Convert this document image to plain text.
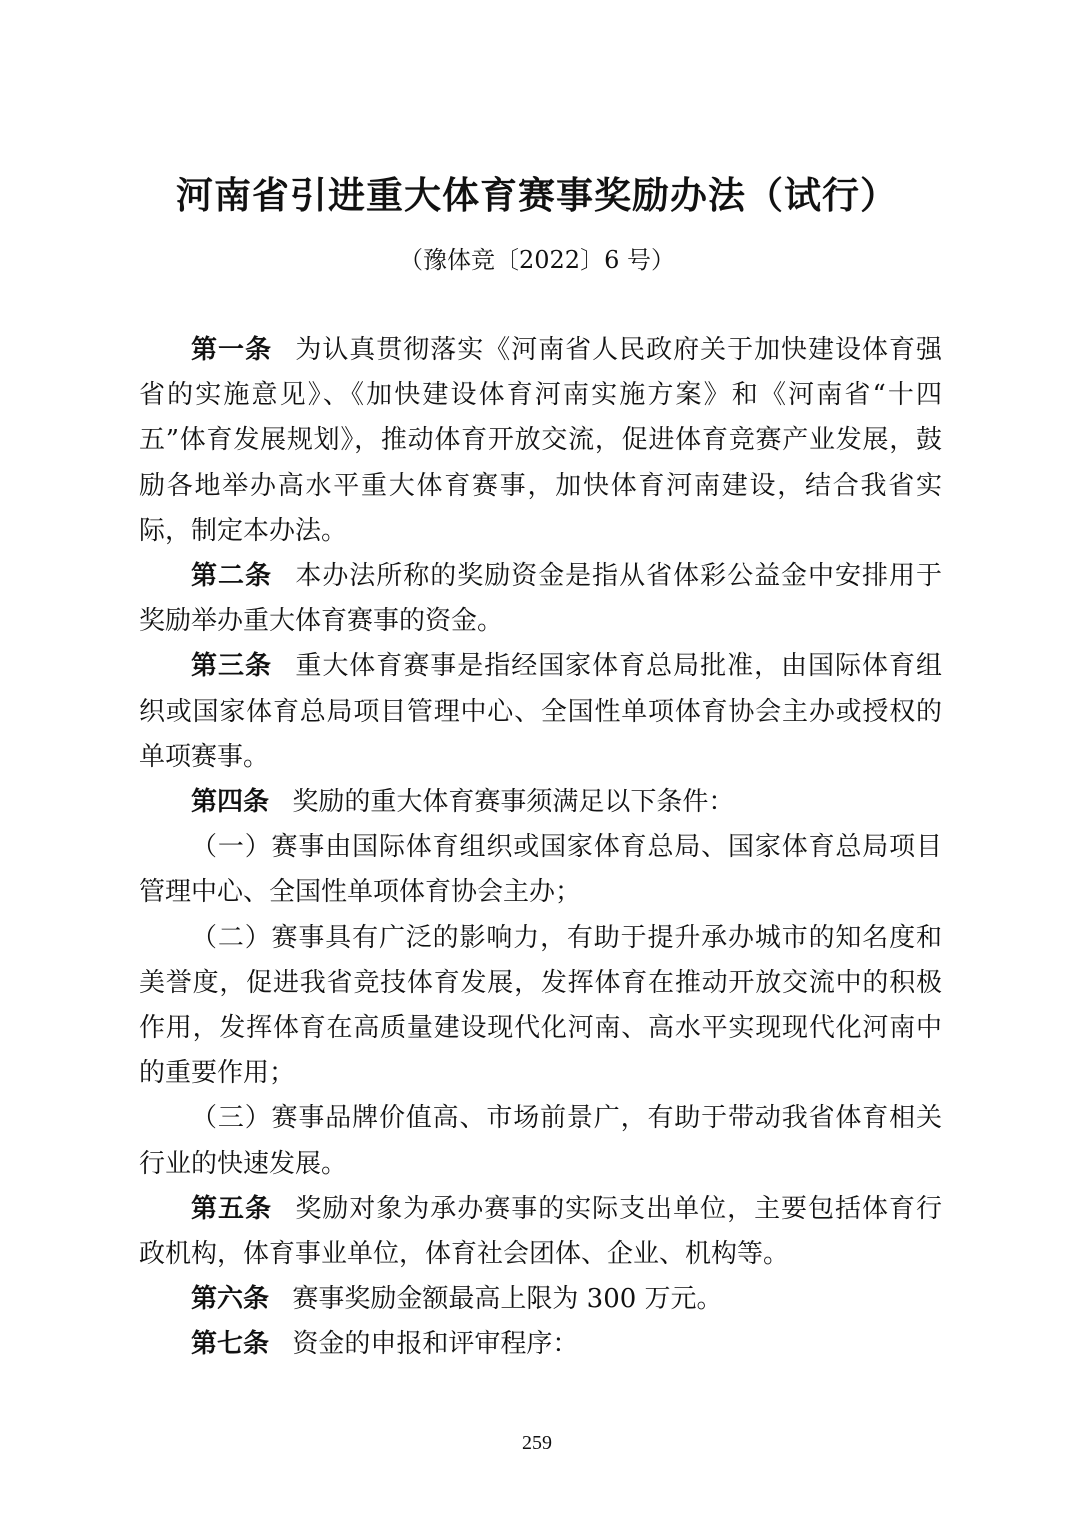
河南省引进重大体育赛事奖励办法（试行）
（豫体竞〔2022〕6 号）

第一条 为认真贯彻落实《河南省人民政府关于加快建设体育强省的实施意见》、《加快建设体育河南实施方案》和《河南省“十四五”体育发展规划》，推动体育开放交流，促进体育竞赛产业发展，鼓励各地举办高水平重大体育赛事，加快体育河南建设，结合我省实际，制定本办法。

第二条 本办法所称的奖励资金是指从省体彩公益金中安排用于奖励举办重大体育赛事的资金。

第三条 重大体育赛事是指经国家体育总局批准，由国际体育组织或国家体育总局项目管理中心、全国性单项体育协会主办或授权的单项赛事。

第四条 奖励的重大体育赛事须满足以下条件：

（一）赛事由国际体育组织或国家体育总局、国家体育总局项目管理中心、全国性单项体育协会主办；

（二）赛事具有广泛的影响力，有助于提升承办城市的知名度和美誉度，促进我省竞技体育发展，发挥体育在推动开放交流中的积极作用，发挥体育在高质量建设现代化河南、高水平实现现代化河南中的重要作用；

（三）赛事品牌价值高、市场前景广，有助于带动我省体育相关行业的快速发展。

第五条 奖励对象为承办赛事的实际支出单位，主要包括体育行政机构，体育事业单位，体育社会团体、企业、机构等。

第六条 赛事奖励金额最高上限为 300 万元。

第七条 资金的申报和评审程序：

259
